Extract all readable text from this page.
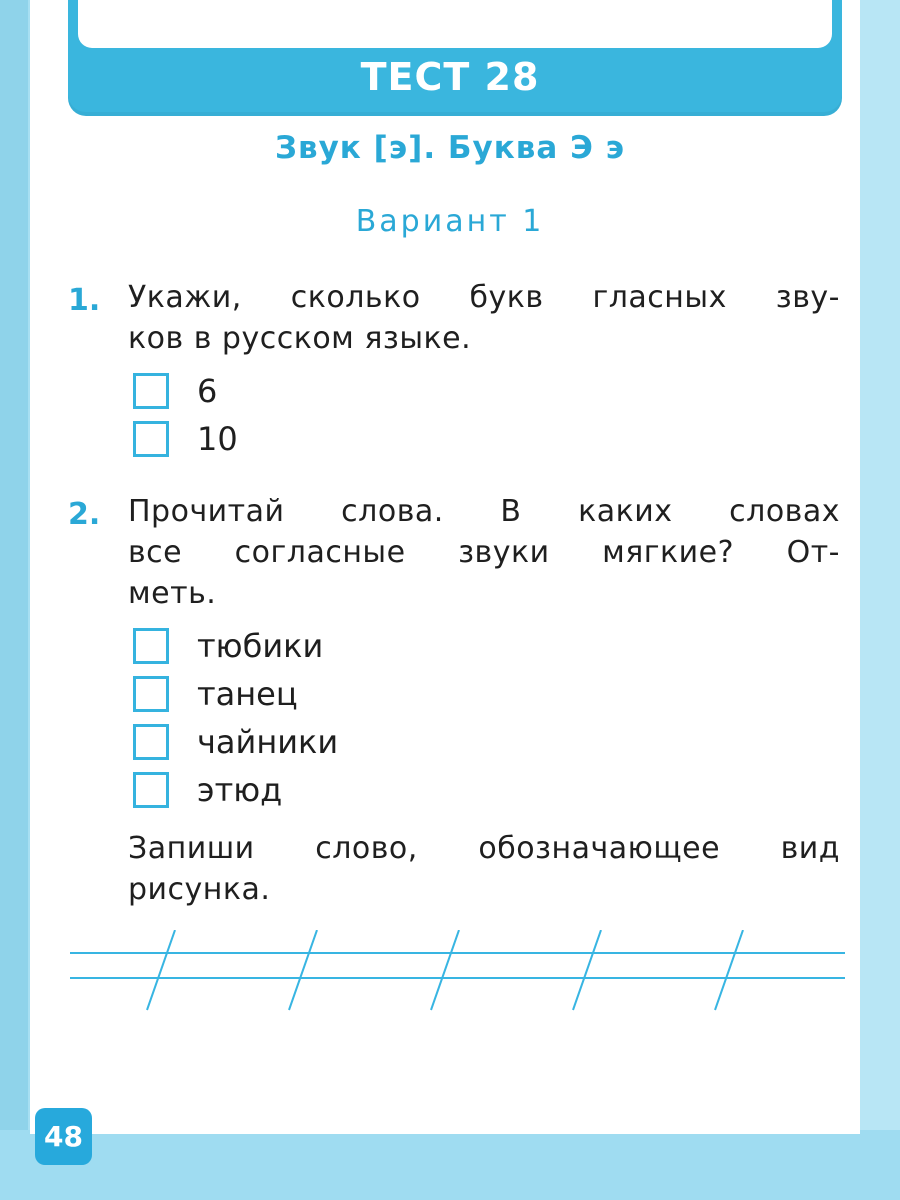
ТЕСТ 28
Звук [э]. Буква Э э
Вариант 1
1. Укажи, сколько букв гласных зву-
ков в русском языке.
6
10
2. Прочитай слова. В каких словах
все согласные звуки мягкие? От-
меть.
тюбики
танец
чайники
этюд
Запиши слово, обозначающее вид
рисунка.
48
